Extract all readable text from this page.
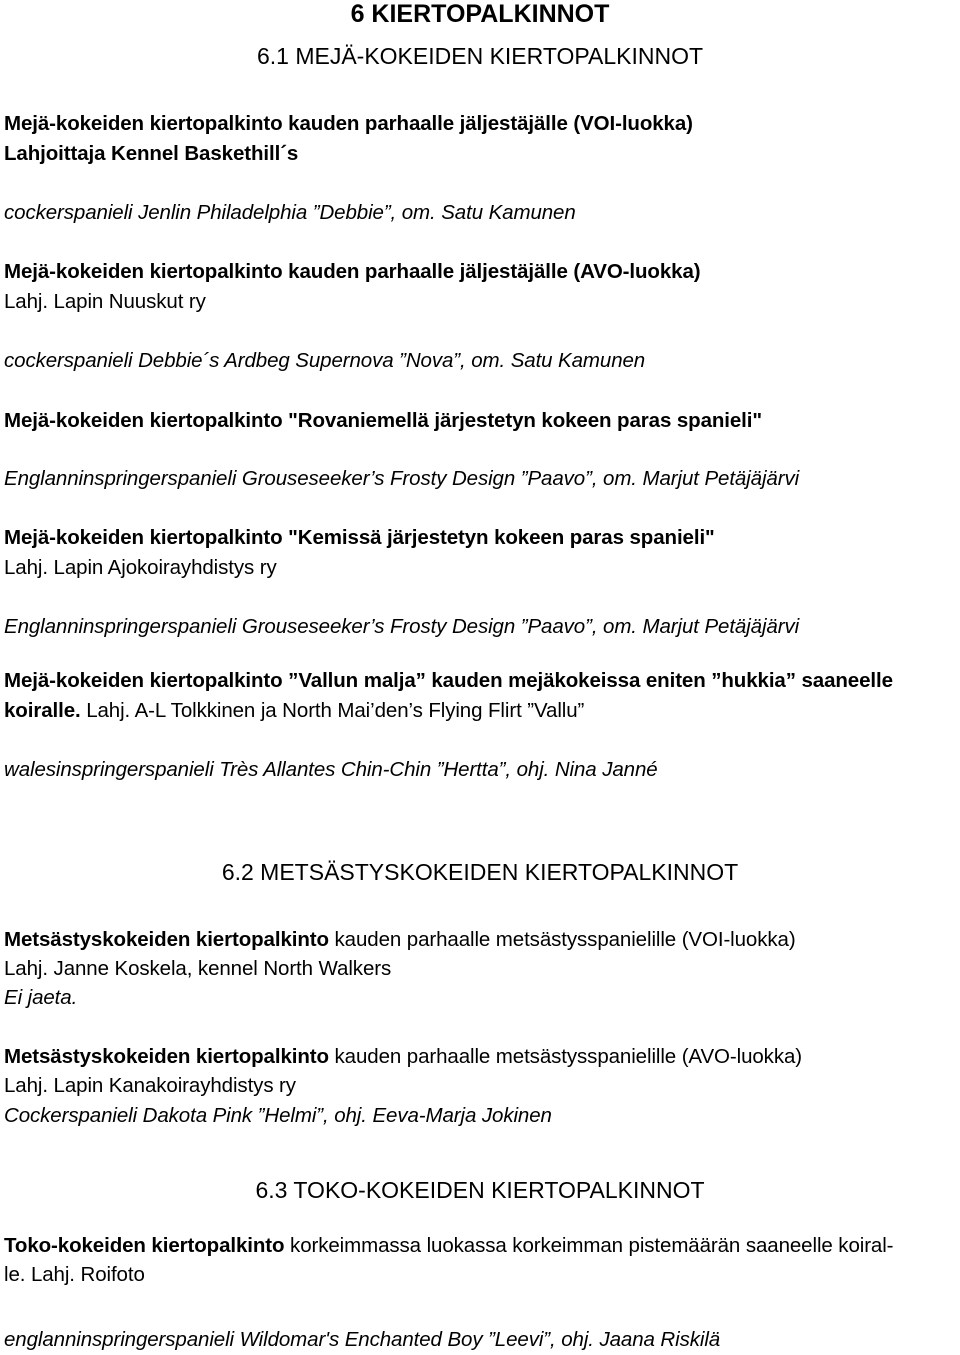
6 KIERTOPALKINNOT
6.1 MEJÄ-KOKEIDEN KIERTOPALKINNOT
Mejä-kokeiden kiertopalkinto kauden parhaalle jäljestäjälle (VOI-luokka)
Lahjoittaja Kennel Baskethill´s
cockerspanieli Jenlin Philadelphia ”Debbie”, om. Satu Kamunen
Mejä-kokeiden kiertopalkinto kauden parhaalle jäljestäjälle (AVO-luokka)
Lahj. Lapin Nuuskut ry
cockerspanieli Debbie´s Ardbeg Supernova ”Nova”, om. Satu Kamunen
Mejä-kokeiden kiertopalkinto "Rovaniemellä järjestetyn kokeen paras spanieli"
Englanninspringerspanieli Grouseseeker’s Frosty Design ”Paavo”, om. Marjut Petäjäjärvi
Mejä-kokeiden kiertopalkinto "Kemissä järjestetyn kokeen paras spanieli"
Lahj. Lapin Ajokoirayhdistys ry
Englanninspringerspanieli Grouseseeker’s Frosty Design ”Paavo”, om. Marjut Petäjäjärvi
Mejä-kokeiden kiertopalkinto ”Vallun malja” kauden mejäkokeissa eniten ”hukkia” saaneelle
koiralle. Lahj. A-L Tolkkinen ja North Mai’den’s Flying Flirt ”Vallu”
walesinspringerspanieli Très Allantes Chin-Chin ”Hertta”, ohj. Nina Janné
6.2 METSÄSTYSKOKEIDEN KIERTOPALKINNOT
Metsästyskokeiden kiertopalkinto kauden parhaalle metsästysspanielille (VOI-luokka)
Lahj. Janne Koskela, kennel North Walkers
Ei jaeta.
Metsästyskokeiden kiertopalkinto kauden parhaalle metsästysspanielille (AVO-luokka)
Lahj. Lapin Kanakoirayhdistys ry
Cockerspanieli Dakota Pink ”Helmi”, ohj. Eeva-Marja Jokinen
6.3 TOKO-KOKEIDEN KIERTOPALKINNOT
Toko-kokeiden kiertopalkinto korkeimmassa luokassa korkeimman pistemäärän saaneelle koiral-
le. Lahj. Roifoto
englanninspringerspanieli Wildomar's Enchanted Boy ”Leevi”, ohj. Jaana Riskilä
